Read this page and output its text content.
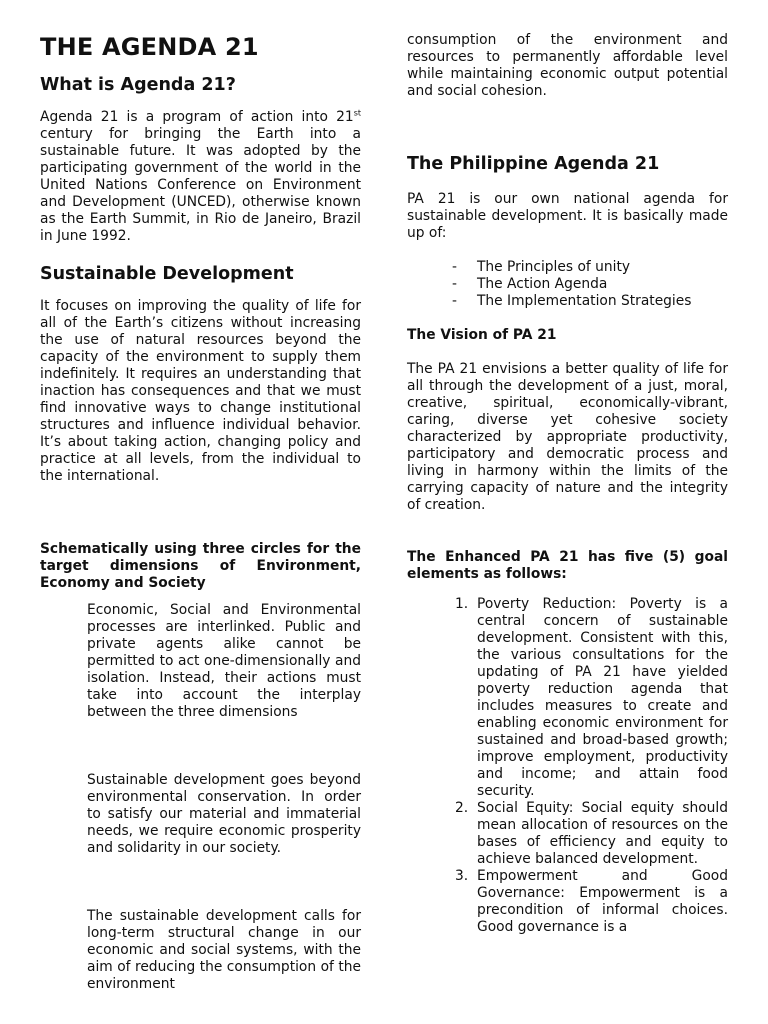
THE AGENDA 21
What is Agenda 21?

Agenda 21 is a program of action into 21st century for bringing the Earth into a sustainable future. It was adopted by the participating government of the world in the United Nations Conference on Environment and Development (UNCED), otherwise known as the Earth Summit, in Rio de Janeiro, Brazil in June 1992.

Sustainable Development

It focuses on improving the quality of life for all of the Earth’s citizens without increasing the use of natural resources beyond the capacity of the environment to supply them indefinitely. It requires an understanding that inaction has consequences and that we must find innovative ways to change institutional structures and influence individual behavior. It’s about taking action, changing policy and practice at all levels, from the individual to the international.

Schematically using three circles for the target dimensions of Environment, Economy and Society

Economic, Social and Environmental processes are interlinked. Public and private agents alike cannot be permitted to act one-dimensionally and isolation. Instead, their actions must take into account the interplay between the three dimensions

Sustainable development goes beyond environmental conservation. In order to satisfy our material and immaterial needs, we require economic prosperity and solidarity in our society.

The sustainable development calls for long-term structural change in our economic and social systems, with the aim of reducing the consumption of the environment

consumption of the environment and resources to permanently affordable level while maintaining economic output potential and social cohesion.

The Philippine Agenda 21

PA 21 is our own national agenda for sustainable development. It is basically made up of:

- The Principles of unity
- The Action Agenda
- The Implementation Strategies
The Vision of PA 21

The PA 21 envisions a better quality of life for all through the development of a just, moral, creative, spiritual, economically-vibrant, caring, diverse yet cohesive society characterized by appropriate productivity, participatory and democratic process and living in harmony within the limits of the carrying capacity of nature and the integrity of creation.

The Enhanced PA 21 has five (5) goal elements as follows:
1. Poverty Reduction: Poverty is a central concern of sustainable development. Consistent with this, the various consultations for the updating of PA 21 have yielded poverty reduction agenda that includes measures to create and enabling economic environment for sustained and broad-based growth; improve employment, productivity and income; and attain food security.
2. Social Equity: Social equity should mean allocation of resources on the bases of efficiency and equity to achieve balanced development.
3. Empowerment and Good Governance: Empowerment is a precondition of informal choices. Good governance is a
